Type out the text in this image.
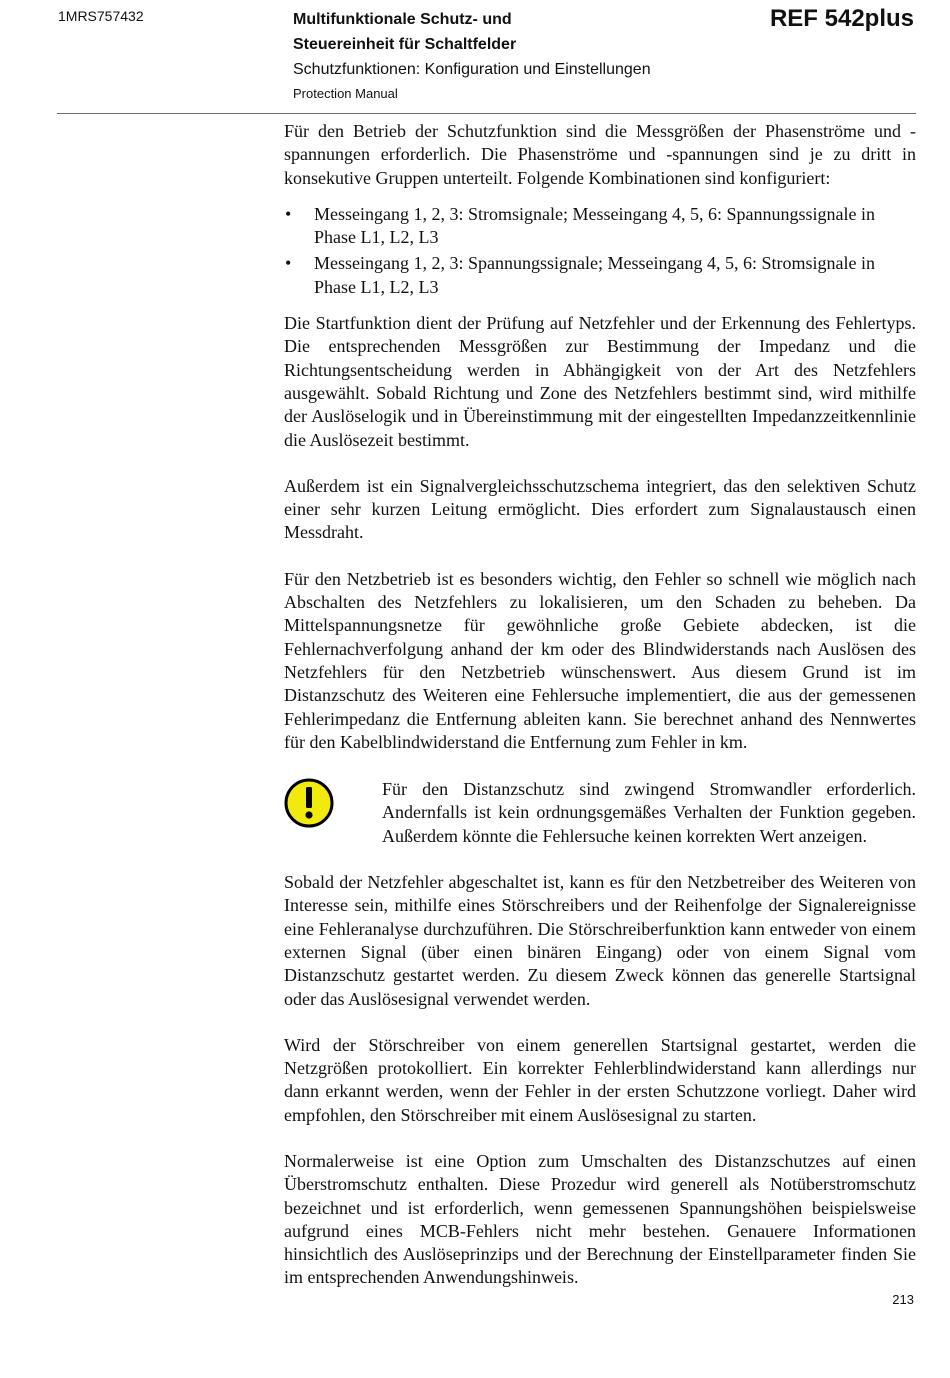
1MRS757432	Multifunktionale Schutz- und
Steuereinheit für Schaltfelder
Schutzfunktionen: Konfiguration und Einstellungen
Protection Manual
REF 542plus

Für den Betrieb der Schutzfunktion sind die Messgrößen der Phasenströme und -spannungen erforderlich. Die Phasenströme und -spannungen sind je zu dritt in konsekutive Gruppen unterteilt. Folgende Kombinationen sind konfiguriert:

• Messeingang 1, 2, 3: Stromsignale; Messeingang 4, 5, 6: Spannungssignale in Phase L1, L2, L3
• Messeingang 1, 2, 3: Spannungssignale; Messeingang 4, 5, 6: Stromsignale in Phase L1, L2, L3

Die Startfunktion dient der Prüfung auf Netzfehler und der Erkennung des Fehlertyps. Die entsprechenden Messgrößen zur Bestimmung der Impedanz und die Richtungsentscheidung werden in Abhängigkeit von der Art des Netzfehlers ausgewählt. Sobald Richtung und Zone des Netzfehlers bestimmt sind, wird mithilfe der Auslöselogik und in Übereinstimmung mit der eingestellten Impedanzzeitkennlinie die Auslösezeit bestimmt.

Außerdem ist ein Signalvergleichsschutzschema integriert, das den selektiven Schutz einer sehr kurzen Leitung ermöglicht. Dies erfordert zum Signalaustausch einen Messdraht.

Für den Netzbetrieb ist es besonders wichtig, den Fehler so schnell wie möglich nach Abschalten des Netzfehlers zu lokalisieren, um den Schaden zu beheben. Da Mittelspannungsnetze für gewöhnliche große Gebiete abdecken, ist die Fehlernachverfolgung anhand der km oder des Blindwiderstands nach Auslösen des Netzfehlers für den Netzbetrieb wünschenswert. Aus diesem Grund ist im Distanzschutz des Weiteren eine Fehlersuche implementiert, die aus der gemessenen Fehlerimpedanz die Entfernung ableiten kann. Sie berechnet anhand des Nennwertes für den Kabelblindwiderstand die Entfernung zum Fehler in km.

Für den Distanzschutz sind zwingend Stromwandler erforderlich. Andernfalls ist kein ordnungsgemäßes Verhalten der Funktion gegeben. Außerdem könnte die Fehlersuche keinen korrekten Wert anzeigen.

Sobald der Netzfehler abgeschaltet ist, kann es für den Netzbetreiber des Weiteren von Interesse sein, mithilfe eines Störschreibers und der Reihenfolge der Signalereignisse eine Fehleranalyse durchzuführen. Die Störschreiberfunktion kann entweder von einem externen Signal (über einen binären Eingang) oder von einem Signal vom Distanzschutz gestartet werden. Zu diesem Zweck können das generelle Startsignal oder das Auslösesignal verwendet werden.

Wird der Störschreiber von einem generellen Startsignal gestartet, werden die Netzgrößen protokolliert. Ein korrekter Fehlerblindwiderstand kann allerdings nur dann erkannt werden, wenn der Fehler in der ersten Schutzzone vorliegt. Daher wird empfohlen, den Störschreiber mit einem Auslösesignal zu starten.

Normalerweise ist eine Option zum Umschalten des Distanzschutzes auf einen Überstromschutz enthalten. Diese Prozedur wird generell als Notüberstromschutz bezeichnet und ist erforderlich, wenn gemessenen Spannungshöhen beispielsweise aufgrund eines MCB-Fehlers nicht mehr bestehen. Genauere Informationen hinsichtlich des Auslöseprinzips und der Berechnung der Einstellparameter finden Sie im entsprechenden Anwendungshinweis.

213
